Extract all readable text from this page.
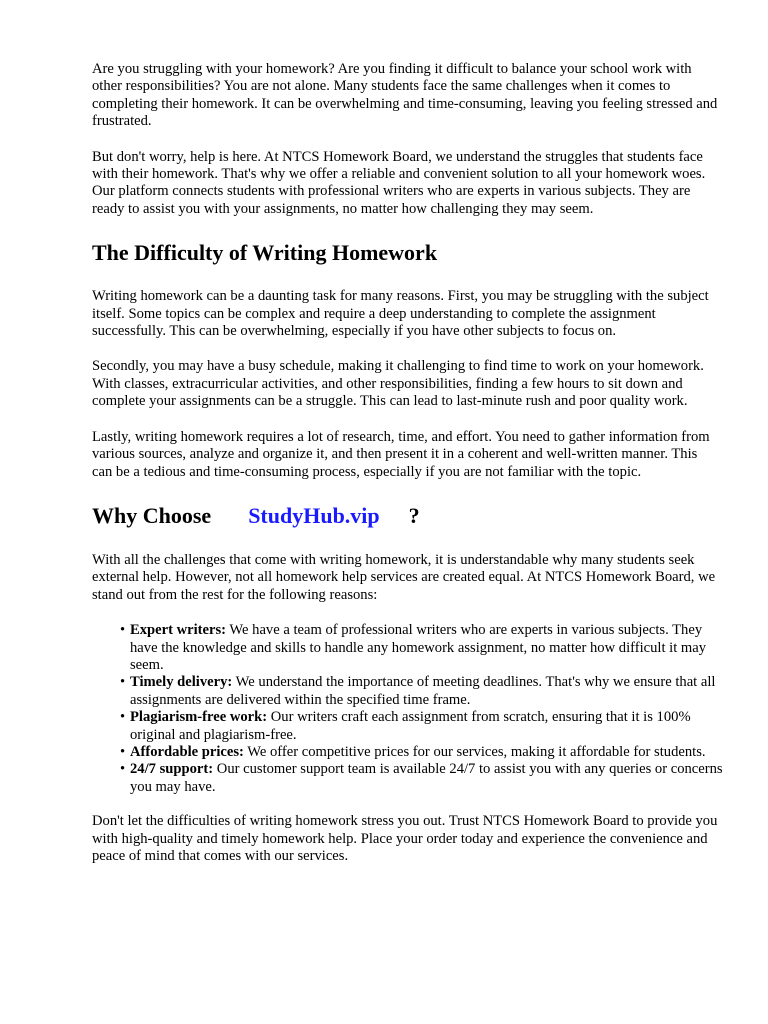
Are you struggling with your homework? Are you finding it difficult to balance your school work with other responsibilities? You are not alone. Many students face the same challenges when it comes to completing their homework. It can be overwhelming and time-consuming, leaving you feeling stressed and frustrated.

But don't worry, help is here. At NTCS Homework Board, we understand the struggles that students face with their homework. That's why we offer a reliable and convenient solution to all your homework woes. Our platform connects students with professional writers who are experts in various subjects. They are ready to assist you with your assignments, no matter how challenging they may seem.

The Difficulty of Writing Homework

Writing homework can be a daunting task for many reasons. First, you may be struggling with the subject itself. Some topics can be complex and require a deep understanding to complete the assignment successfully. This can be overwhelming, especially if you have other subjects to focus on.

Secondly, you may have a busy schedule, making it challenging to find time to work on your homework. With classes, extracurricular activities, and other responsibilities, finding a few hours to sit down and complete your assignments can be a struggle. This can lead to last-minute rush and poor quality work.

Lastly, writing homework requires a lot of research, time, and effort. You need to gather information from various sources, analyze and organize it, and then present it in a coherent and well-written manner. This can be a tedious and time-consuming process, especially if you are not familiar with the topic.

Why Choose StudyHub.vip ?

With all the challenges that come with writing homework, it is understandable why many students seek external help. However, not all homework help services are created equal. At NTCS Homework Board, we stand out from the rest for the following reasons:

• Expert writers: We have a team of professional writers who are experts in various subjects. They have the knowledge and skills to handle any homework assignment, no matter how difficult it may seem.
• Timely delivery: We understand the importance of meeting deadlines. That's why we ensure that all assignments are delivered within the specified time frame.
• Plagiarism-free work: Our writers craft each assignment from scratch, ensuring that it is 100% original and plagiarism-free.
• Affordable prices: We offer competitive prices for our services, making it affordable for students.
• 24/7 support: Our customer support team is available 24/7 to assist you with any queries or concerns you may have.

Don't let the difficulties of writing homework stress you out. Trust NTCS Homework Board to provide you with high-quality and timely homework help. Place your order today and experience the convenience and peace of mind that comes with our services.
